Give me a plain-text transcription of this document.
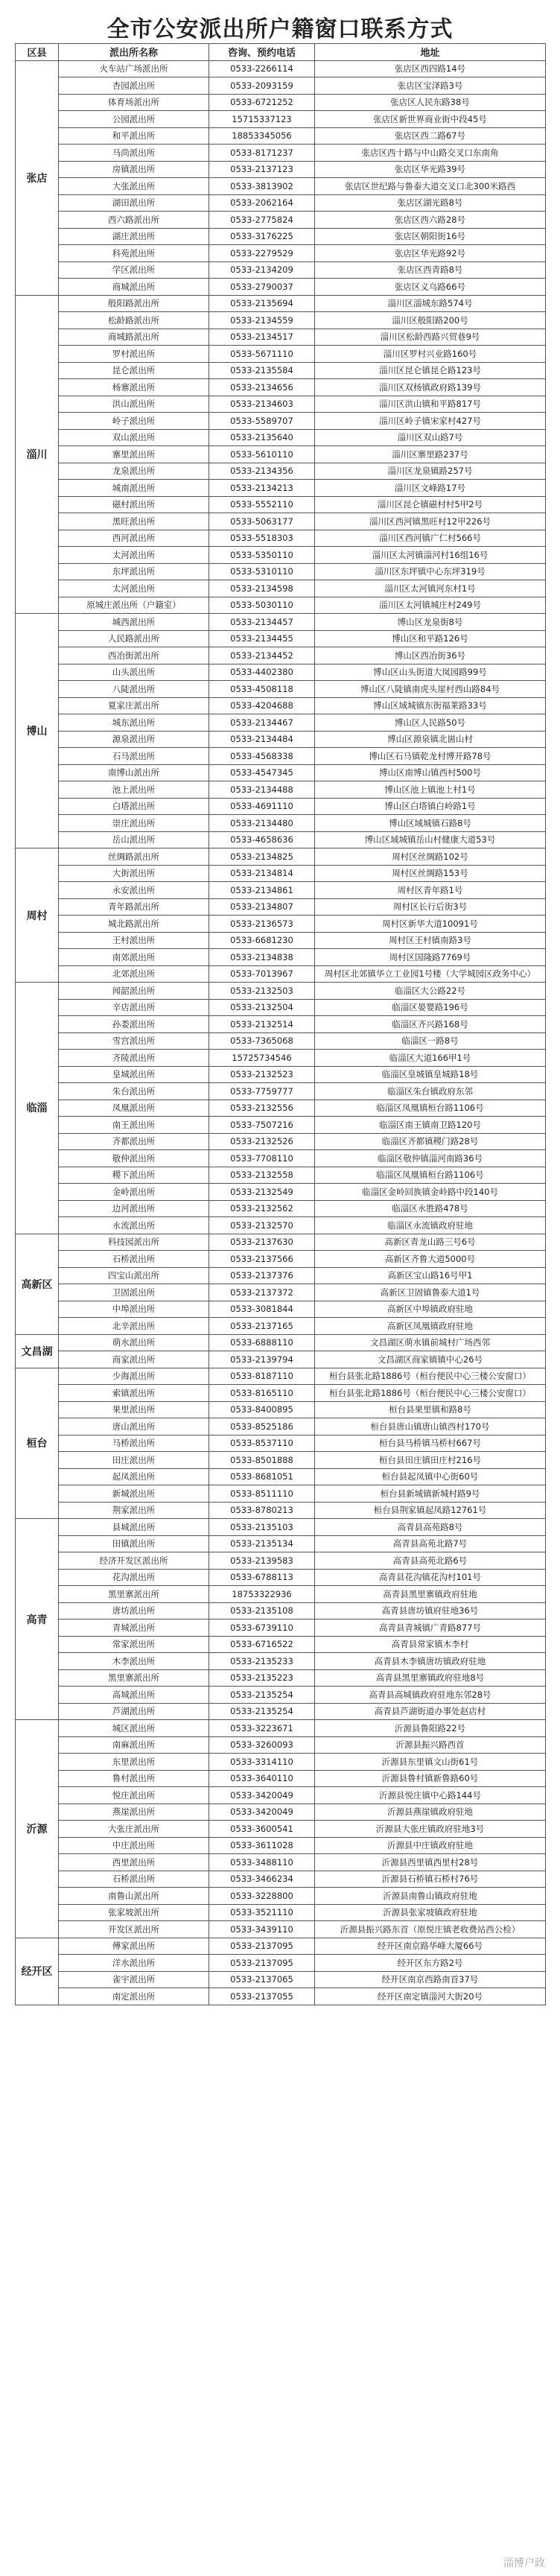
全市公安派出所户籍窗口联系方式
区县	派出所名称	咨询、预约电话	地址
张店	火车站广场派出所	0533-2266114	张店区西四路14号
	杏园派出所	0533-2093159	张店区宝泽路3号
	体育场派出所	0533-6721252	张店区人民东路38号
	公园派出所	15715337123	张店区新世界商业街中段45号
	和平派出所	18853345056	张店区西二路67号
	马尚派出所	0533-8171237	张店区西十路与中山路交叉口东南角
	房镇派出所	0533-2137123	张店区华光路39号
	大张派出所	0533-3813902	张店区世纪路与鲁泰大道交叉口北300米路西
	湖田派出所	0533-2062164	张店区湖光路8号
	西六路派出所	0533-2775824	张店区西六路28号
	湖庄派出所	0533-3176225	张店区朝阳街16号
	科苑派出所	0533-2279529	张店区华光路92号
	学区派出所	0533-2134209	张店区西青路8号
	商城派出所	0533-2790037	张店区义乌路66号
淄川	般阳路派出所	0533-2135694	淄川区淄城东路574号
	松龄路派出所	0533-2134559	淄川区般阳路200号
	商城路派出所	0533-2134517	淄川区松龄西路兴贸巷9号
	罗村派出所	0533-5671110	淄川区罗村兴业路160号
	昆仑派出所	0533-2135584	淄川区昆仑镇昆仑路123号
	杨寨派出所	0533-2134656	淄川区双杨镇政府路139号
	洪山派出所	0533-2134603	淄川区洪山镇和平路817号
	岭子派出所	0533-5589707	淄川区岭子镇宋家村427号
	双山派出所	0533-2135640	淄川区双山路7号
	寨里派出所	0533-5610110	淄川区寨里路237号
	龙泉派出所	0533-2134356	淄川区龙泉镇路257号
	城南派出所	0533-2134213	淄川区文峰路17号
	磁村派出所	0533-5552110	淄川区昆仑镇磁村村5甲2号
	黑旺派出所	0533-5063177	淄川区西河镇黑旺村12甲226号
	西河派出所	0533-5518303	淄川区西河镇广仁村566号
	太河派出所	0533-5350110	淄川区太河镇淄河村16组16号
	东坪派出所	0533-5310110	淄川区东坪镇中心东坪319号
	太河派出所	0533-2134598	淄川区太河镇河东村1号
	原城庄派出所（户籍室）	0533-5030110	淄川区太河镇城庄村249号
博山	城西派出所	0533-2134457	博山区龙泉街8号
	人民路派出所	0533-2134455	博山区和平路126号
	西冶街派出所	0533-2134452	博山区西冶街36号
	山头派出所	0533-4402380	博山区山头街道大岚园路99号
	八陡派出所	0533-4508118	博山区八陡镇南虎头崖村西山路84号
	夏家庄派出所	0533-4204688	博山区域城镇东街福莱路33号
	城东派出所	0533-2134467	博山区人民路50号
	源泉派出所	0533-2134484	博山区源泉镇北崮山村
	石马派出所	0533-4568338	博山区石马镇乾龙村博开路78号
	南博山派出所	0533-4547345	博山区南博山镇西村500号
	池上派出所	0533-2134488	博山区池上镇池上村1号
	白塔派出所	0533-4691110	博山区白塔镇白岭路1号
	崇庄派出所	0533-2134480	博山区域城镇石路8号
	岳山派出所	0533-4658636	博山区域城镇岳山村健康大道53号
周村	丝绸路派出所	0533-2134825	周村区丝绸路102号
	大街派出所	0533-2134814	周村区丝绸路153号
	永安派出所	0533-2134861	周村区青年路1号
	青年路派出所	0533-2134807	周村区长行后街3号
	城北路派出所	0533-2136573	周村区新华大道10091号
	王村派出所	0533-6681230	周村区王村镇南路3号
	南郊派出所	0533-2134838	周村区国隆路7769号
	北郊派出所	0533-7013967	周村区北郊镇华立工业园1号楼（大学城园区政务中心）
临淄	闻韶派出所	0533-2132503	临淄区大公路22号
	辛店派出所	0533-2132504	临淄区晏婴路196号
	孙娄派出所	0533-2132514	临淄区齐兴路168号
	雪宫派出所	0533-7365068	临淄区一路8号
	齐陵派出所	15725734546	临淄区大道166甲1号
	皇城派出所	0533-2132523	临淄区皇城镇皇城路18号
	朱台派出所	0533-7759777	临淄区朱台镇政府东邻
	凤凰派出所	0533-2132556	临淄区凤凰镇桓台路1106号
	南王派出所	0533-7507216	临淄区南王镇南卫路120号
	齐都派出所	0533-2132526	临淄区齐都镇稷门路28号
	敬仲派出所	0533-7708110	临淄区敬仲镇淄河南路36号
	稷下派出所	0533-2132558	临淄区凤凰镇桓台路1106号
	金岭派出所	0533-2132549	临淄区金岭回族镇金岭路中段140号
	边河派出所	0533-2132562	临淄区永胜路478号
	永流派出所	0533-2132570	临淄区永流镇政府驻地
高新区	科技园派出所	0533-2137630	高新区青龙山路三号6号
	石桥派出所	0533-2137566	高新区齐鲁大道5000号
	四宝山派出所	0533-2137376	高新区宝山路16号甲1
	卫固派出所	0533-2137372	高新区卫固镇鲁泰大道1号
	中埠派出所	0533-3081844	高新区中埠镇政府驻地
	北辛派出所	0533-2137165	高新区凤凰镇政府驻地
文昌湖	萌水派出所	0533-6888110	文昌湖区萌水镇前城村广场西邻
	商家派出所	0533-2139794	文昌湖区商家镇镇中心26号
桓台	少海派出所	0533-8187110	桓台县张北路1886号（桓台便民中心三楼公安窗口）
	索镇派出所	0533-8165110	桓台县张北路1886号（桓台便民中心三楼公安窗口）
	果里派出所	0533-8400895	桓台县果里镇和路8号
	唐山派出所	0533-8525186	桓台县唐山镇唐山镇西村170号
	马桥派出所	0533-8537110	桓台县马桥镇马桥村667号
	田庄派出所	0533-8501888	桓台县田庄镇田庄村216号
	起凤派出所	0533-8681051	桓台县起凤镇中心街60号
	新城派出所	0533-8511110	桓台县新城镇新城村路9号
	荆家派出所	0533-8780213	桓台县荆家镇起凤路12761号
高青	县城派出所	0533-2135103	高青县高苑路8号
	田镇派出所	0533-2135134	高青县高苑北路7号
	经济开发区派出所	0533-2139583	高青县高苑北路6号
	花沟派出所	0533-6788113	高青县花沟镇花沟村101号
	黑里寨派出所	18753322936	高青县黑里寨镇政府驻地
	唐坊派出所	0533-2135108	高青县唐坊镇府驻地36号
	青城派出所	0533-6739110	高青县青城镇广青路877号
	常家派出所	0533-6716522	高青县常家镇木李村
	木李派出所	0533-2135233	高青县木李镇唐坊镇政府驻地
	黑里寨派出所	0533-2135223	高青县黑里寨镇政府驻地8号
	高城派出所	0533-2135254	高青县高城镇政府驻地东邻28号
	芦湖派出所	0533-2135254	高青县芦湖街道办事处赵店村
沂源	城区派出所	0533-3223671	沂源县鲁阳路22号
	南麻派出所	0533-3260093	沂源县振兴路西首
	东里派出所	0533-3314110	沂源县东里镇文山街61号
	鲁村派出所	0533-3640110	沂源县鲁村镇新鲁路60号
	悦庄派出所	0533-3420049	沂源县悦庄镇中心路144号
	燕崖派出所	0533-3420049	沂源县燕崖镇政府驻地
	大张庄派出所	0533-3600541	沂源县大张庄镇政府驻地3号
	中庄派出所	0533-3611028	沂源县中庄镇政府驻地
	西里派出所	0533-3488110	沂源县西里镇西里村28号
	石桥派出所	0533-3466234	沂源县石桥镇石桥村76号
	南鲁山派出所	0533-3228800	沂源县南鲁山镇政府驻地
	张家坡派出所	0533-3521110	沂源县张家坡镇政府驻地
	开发区派出所	0533-3439110	沂源县振兴路东首（原悦庄镇老收费站西公检）
经开区	傅家派出所	0533-2137095	经开区南京路华峰大厦66号
	洋水派出所	0533-2137095	经开区东方路2号
	雀宇派出所	0533-2137065	经开区南京西路南首37号
	南定派出所	0533-2137055	经开区南定镇淄河大街20号
淄博户政
